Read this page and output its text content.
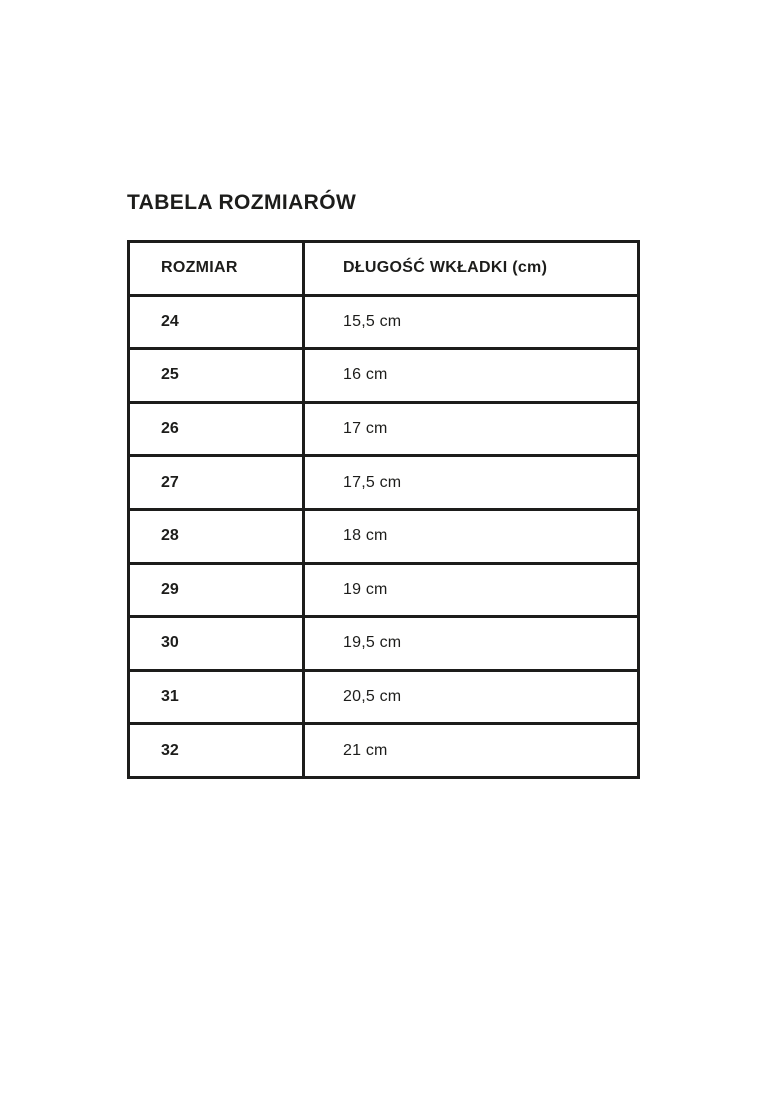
TABELA ROZMIARÓW
ROZMIAR	DŁUGOŚĆ WKŁADKI (cm)
24	15,5 cm
25	16 cm
26	17 cm
27	17,5 cm
28	18 cm
29	19 cm
30	19,5 cm
31	20,5 cm
32	21 cm
